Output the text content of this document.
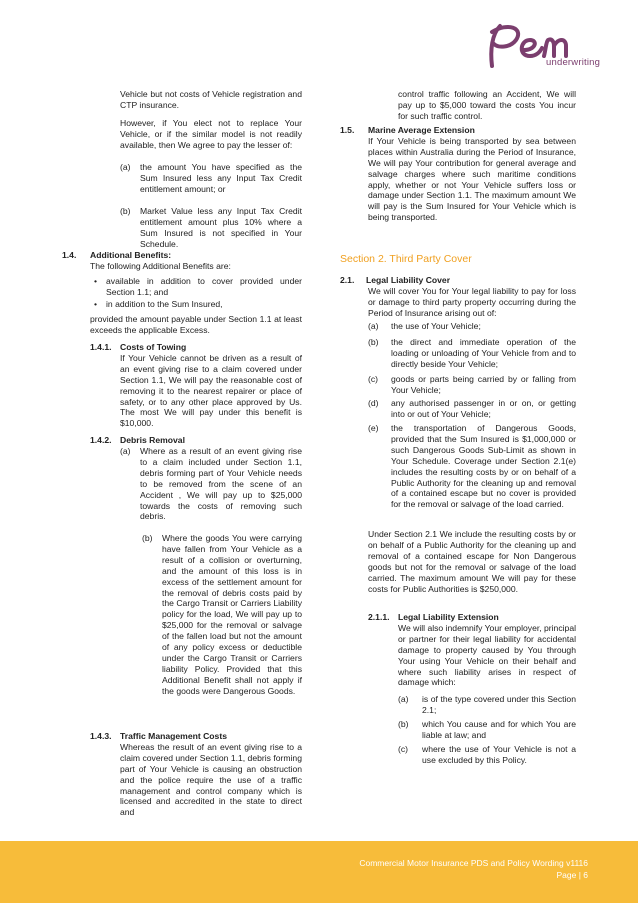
underwriting

Vehicle but not costs of Vehicle registration and CTP insurance.

However, if You elect not to replace Your Vehicle, or if the similar model is not readily available, then We agree to pay the lesser of:

(a) the amount You have specified as the Sum Insured less any Input Tax Credit entitlement amount; or

(b) Market Value less any Input Tax Credit entitlement amount plus 10% where a Sum Insured is not specified in Your Schedule.

1.4. Additional Benefits:

The following Additional Benefits are:

• available in addition to cover provided under Section 1.1; and

• in addition to the Sum Insured,

provided the amount payable under Section 1.1 at least exceeds the applicable Excess.

1.4.1. Costs of Towing

If Your Vehicle cannot be driven as a result of an event giving rise to a claim covered under Section 1.1, We will pay the reasonable cost of removing it to the nearest repairer or place of safety, or to any other place approved by Us. The most We will pay under this benefit is $10,000.

1.4.2. Debris Removal

(a) Where as a result of an event giving rise to a claim included under Section 1.1, debris forming part of Your Vehicle needs to be removed from the scene of an Accident , We will pay up to $25,000 towards the costs of removing such debris.

(b) Where the goods You were carrying have fallen from Your Vehicle as a result of a collision or overturning, and the amount of this loss is in excess of the settlement amount for the removal of debris costs paid by the Cargo Transit or Carriers Liability policy for the load, We will pay up to $25,000 for the removal or salvage of the fallen load but not the amount of any policy excess or deductible under the Cargo Transit or Carriers liability Policy. Provided that this Additional Benefit shall not apply if the goods were Dangerous Goods.

1.4.3. Traffic Management Costs

Whereas the result of an event giving rise to a claim covered under Section 1.1, debris forming part of Your Vehicle is causing an obstruction and the police require the use of a traffic management and control company which is licensed and accredited in the state to direct and

control traffic following an Accident, We will pay up to $5,000 toward the costs You incur for such traffic control.

1.5. Marine Average Extension

If Your Vehicle is being transported by sea between places within Australia during the Period of Insurance, We will pay Your contribution for general average and salvage charges where such maritime conditions apply, whether or not Your Vehicle suffers loss or damage under Section 1.1. The maximum amount We will pay is the Sum Insured for Your Vehicle which is being transported.

Section 2. Third Party Cover

2.1. Legal Liability Cover

We will cover You for Your legal liability to pay for loss or damage to third party property occurring during the Period of Insurance arising out of:

(a) the use of Your Vehicle;

(b) the direct and immediate operation of the loading or unloading of Your Vehicle from and to directly beside Your Vehicle;

(c) goods or parts being carried by or falling from Your Vehicle;

(d) any authorised passenger in or on, or getting into or out of Your Vehicle;

(e) the transportation of Dangerous Goods, provided that the Sum Insured is $1,000,000 or such Dangerous Goods Sub-Limit as shown in Your Schedule. Coverage under Section 2.1(e) includes the resulting costs by or on behalf of a Public Authority for the cleaning up and removal of a contained escape but no cover is provided for the removal or salvage of the load carried.

Under Section 2.1 We include the resulting costs by or on behalf of a Public Authority for the cleaning up and removal of a contained escape for Non Dangerous goods but not for the removal or salvage of the load carried. The maximum amount We will pay for these costs for Public Authorities is $250,000.

2.1.1. Legal Liability Extension

We will also indemnify Your employer, principal or partner for their legal liability for accidental damage to property caused by You through Your using Your Vehicle on their behalf and where such liability arises in respect of damage which:

(a) is of the type covered under this Section 2.1;

(b) which You cause and for which You are liable at law; and

(c) where the use of Your Vehicle is not a use excluded by this Policy.

Commercial Motor Insurance PDS and Policy Wording v1116
Page | 6
